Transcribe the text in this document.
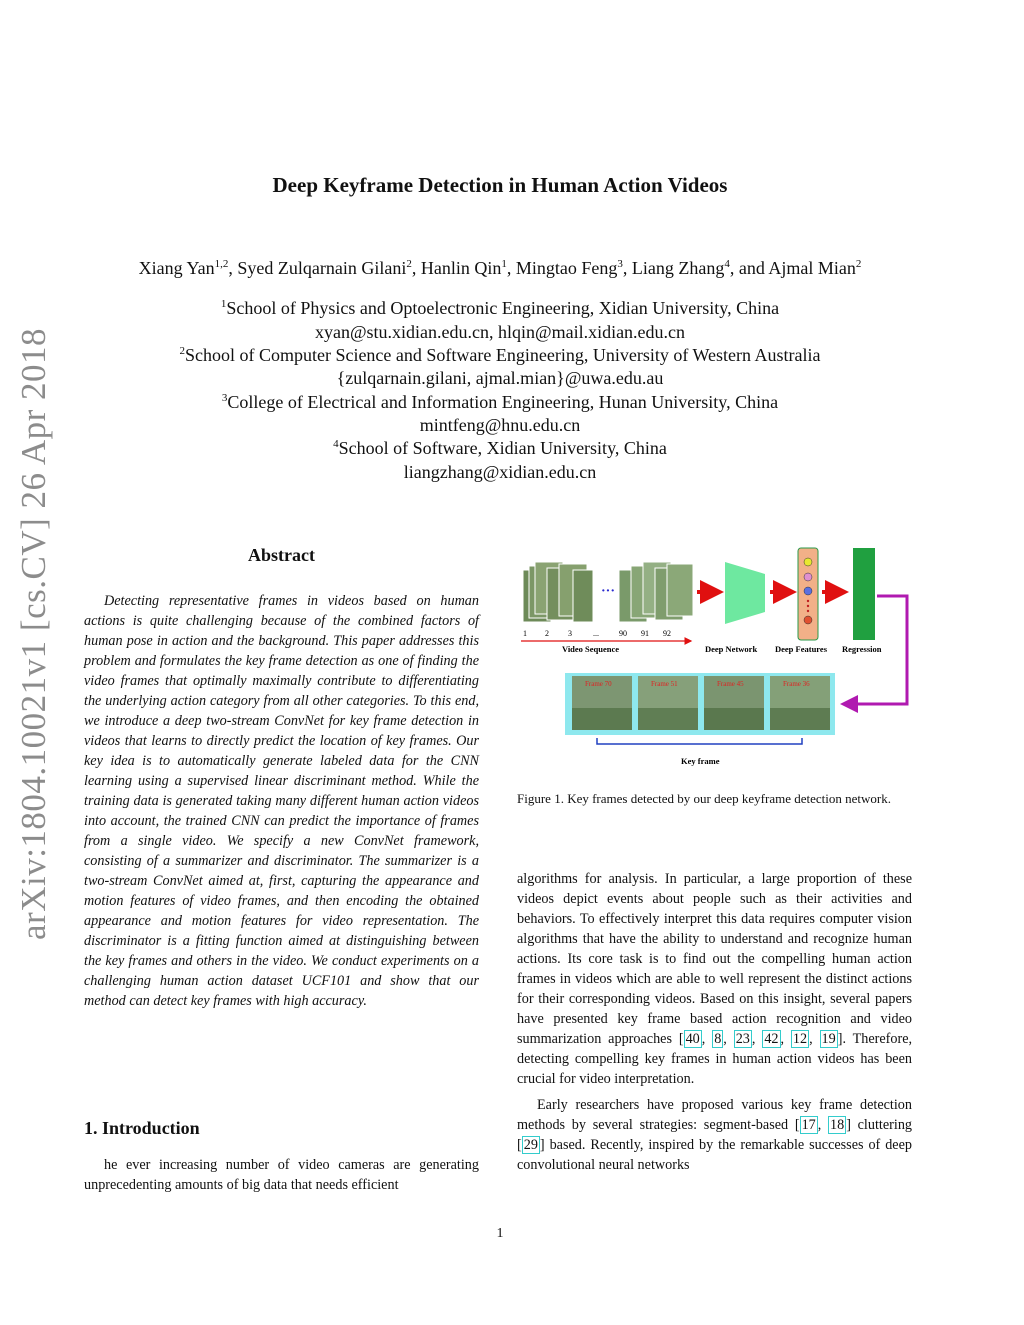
arXiv:1804.10021v1 [cs.CV] 26 Apr 2018
Deep Keyframe Detection in Human Action Videos
Xiang Yan$^{1,2}$, Syed Zulqarnain Gilani$^2$, Hanlin Qin$^1$, Mingtao Feng$^3$, Liang Zhang$^4$, and Ajmal Mian$^2$
$^1$School of Physics and Optoelectronic Engineering, Xidian University, China
xyan@stu.xidian.edu.cn, hlqin@mail.xidian.edu.cn
$^2$School of Computer Science and Software Engineering, University of Western Australia
{zulqarnain.gilani, ajmal.mian}@uwa.edu.au
$^3$College of Electrical and Information Engineering, Hunan University, China
mintfeng@hnu.edu.cn
$^4$School of Software, Xidian University, China
liangzhang@xidian.edu.cn
Abstract
Detecting representative frames in videos based on human actions is quite challenging because of the combined factors of human pose in action and the background. This paper addresses this problem and formulates the key frame detection as one of finding the video frames that optimally maximally contribute to differentiating the underlying action category from all other categories. To this end, we introduce a deep two-stream ConvNet for key frame detection in videos that learns to directly predict the location of key frames. Our key idea is to automatically generate labeled data for the CNN learning using a supervised linear discriminant method. While the training data is generated taking many different human action videos into account, the trained CNN can predict the importance of frames from a single video. We specify a new ConvNet framework, consisting of a summarizer and discriminator. The summarizer is a two-stream ConvNet aimed at, first, capturing the appearance and motion features of video frames, and then encoding the obtained appearance and motion features for video representation. The discriminator is a fitting function aimed at distinguishing between the key frames and others in the video. We conduct experiments on a challenging human action dataset UCF101 and show that our method can detect key frames with high accuracy.
1. Introduction
he ever increasing number of video cameras are generating unprecedenting amounts of big data that needs efficient
···
1 2 3	...	90 91 92
Video Sequence	Deep Network Deep Features Regression
Frame 70	Frame 51	Frame 45	Frame 36
Key frame
Figure 1. Key frames detected by our deep keyframe detection network.

algorithms for analysis. In particular, a large proportion of these videos depict events about people such as their activities and behaviors. To effectively interpret this data requires computer vision algorithms that have the ability to understand and recognize human actions. Its core task is to find out the compelling human action frames in videos which are able to well represent the distinct actions for their corresponding videos. Based on this insight, several papers have presented key frame based action recognition and video summarization approaches [ 40 , 8 , 23 , 42 , 12 , 19 ]. Therefore, detecting compelling key frames in human action videos has been crucial for video interpretation.

Early researchers have proposed various key frame detection methods by several strategies: segment-based [ 17 , 18 ] cluttering [ 29 ] based. Recently, inspired by the remarkable successes of deep convolutional neural networks

1
